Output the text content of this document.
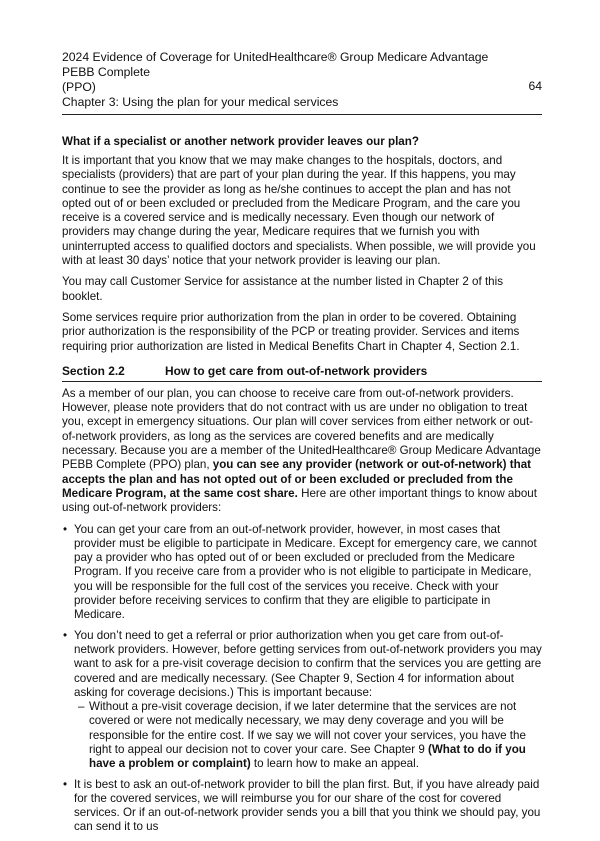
2024 Evidence of Coverage for UnitedHealthcare® Group Medicare Advantage PEBB Complete
(PPO)
Chapter 3: Using the plan for your medical services
64
What if a specialist or another network provider leaves our plan?

It is important that you know that we may make changes to the hospitals, doctors, and specialists (providers) that are part of your plan during the year. If this happens, you may continue to see the provider as long as he/she continues to accept the plan and has not opted out of or been excluded or precluded from the Medicare Program, and the care you receive is a covered service and is medically necessary. Even though our network of providers may change during the year, Medicare requires that we furnish you with uninterrupted access to qualified doctors and specialists. When possible, we will provide you with at least 30 days’ notice that your network provider is leaving our plan.

You may call Customer Service for assistance at the number listed in Chapter 2 of this booklet.

Some services require prior authorization from the plan in order to be covered. Obtaining prior authorization is the responsibility of the PCP or treating provider. Services and items requiring prior authorization are listed in Medical Benefits Chart in Chapter 4, Section 2.1.

Section 2.2	How to get care from out-of-network providers

As a member of our plan, you can choose to receive care from out-of-network providers. However, please note providers that do not contract with us are under no obligation to treat you, except in emergency situations. Our plan will cover services from either network or out-of-network providers, as long as the services are covered benefits and are medically necessary. Because you are a member of the UnitedHealthcare® Group Medicare Advantage PEBB Complete (PPO) plan, you can see any provider (network or out-of-network) that accepts the plan and has not opted out of or been excluded or precluded from the Medicare Program, at the same cost share. Here are other important things to know about using out-of-network providers:

• You can get your care from an out-of-network provider, however, in most cases that provider must be eligible to participate in Medicare. Except for emergency care, we cannot pay a provider who has opted out of or been excluded or precluded from the Medicare Program. If you receive care from a provider who is not eligible to participate in Medicare, you will be responsible for the full cost of the services you receive. Check with your provider before receiving services to confirm that they are eligible to participate in Medicare.
• You don’t need to get a referral or prior authorization when you get care from out-of-network providers. However, before getting services from out-of-network providers you may want to ask for a pre-visit coverage decision to confirm that the services you are getting are covered and are medically necessary. (See Chapter 9, Section 4 for information about asking for coverage decisions.) This is important because:
– Without a pre-visit coverage decision, if we later determine that the services are not covered or were not medically necessary, we may deny coverage and you will be responsible for the entire cost. If we say we will not cover your services, you have the right to appeal our decision not to cover your care. See Chapter 9 (What to do if you have a problem or complaint) to learn how to make an appeal.
• It is best to ask an out-of-network provider to bill the plan first. But, if you have already paid for the covered services, we will reimburse you for our share of the cost for covered services. Or if an out-of-network provider sends you a bill that you think we should pay, you can send it to us
